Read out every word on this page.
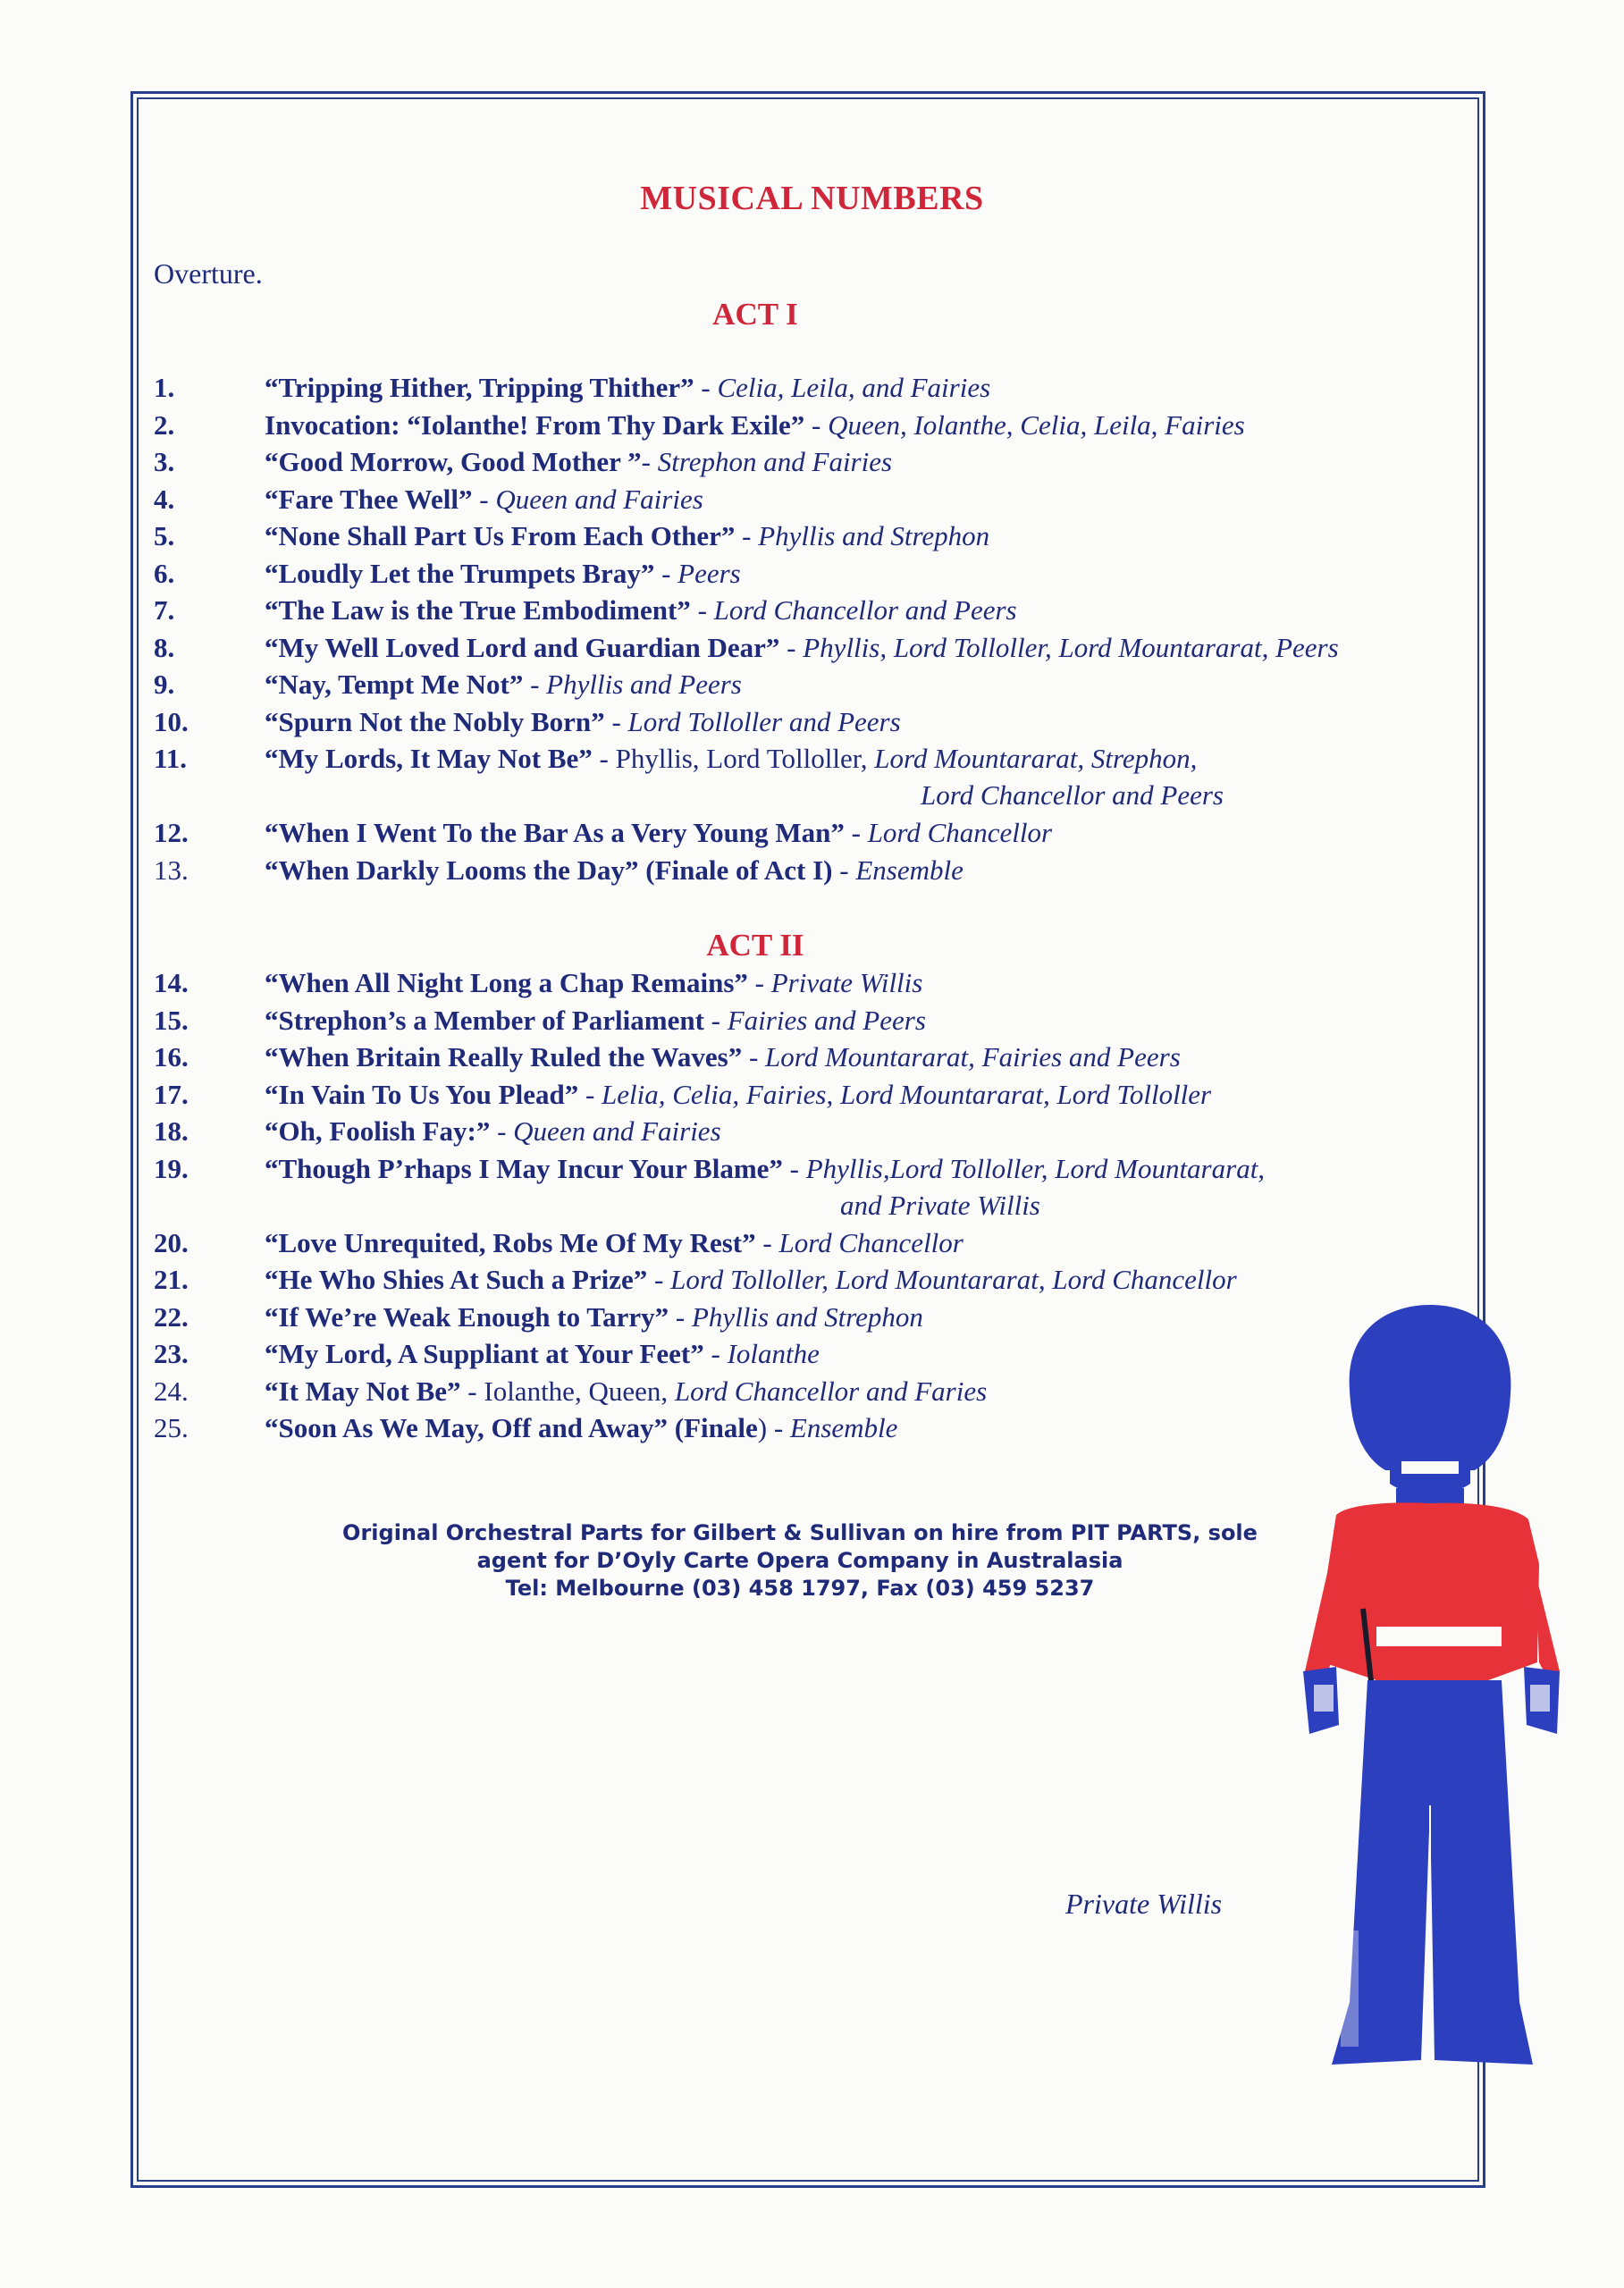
MUSICAL NUMBERS
Overture.
ACT I
1.	“Tripping Hither, Tripping Thither” - Celia, Leila, and Fairies
2.	Invocation: “Iolanthe! From Thy Dark Exile” - Queen, Iolanthe, Celia, Leila, Fairies
3.	“Good Morrow, Good Mother ”- Strephon and Fairies
4.	“Fare Thee Well” - Queen and Fairies
5.	“None Shall Part Us From Each Other” - Phyllis and Strephon
6.	“Loudly Let the Trumpets Bray” - Peers
7.	“The Law is the True Embodiment” - Lord Chancellor and Peers
8.	“My Well Loved Lord and Guardian Dear” - Phyllis, Lord Tolloller, Lord Mountararat, Peers
9.	“Nay, Tempt Me Not” - Phyllis and Peers
10.	“Spurn Not the Nobly Born” - Lord Tolloller and Peers
11.	“My Lords, It May Not Be” - Phyllis, Lord Tolloller, Lord Mountararat, Strephon,
Lord Chancellor and Peers
12.	“When I Went To the Bar As a Very Young Man” - Lord Chancellor
13.	“When Darkly Looms the Day” (Finale of Act I) - Ensemble
ACT II
14.	“When All Night Long a Chap Remains” - Private Willis
15.	“Strephon’s a Member of Parliament - Fairies and Peers
16.	“When Britain Really Ruled the Waves” - Lord Mountararat, Fairies and Peers
17.	“In Vain To Us You Plead” - Lelia, Celia, Fairies, Lord Mountararat, Lord Tolloller
18.	“Oh, Foolish Fay:” - Queen and Fairies
19.	“Though P’rhaps I May Incur Your Blame” - Phyllis,Lord Tolloller, Lord Mountararat,
and Private Willis
20.	“Love Unrequited, Robs Me Of My Rest” - Lord Chancellor
21.	“He Who Shies At Such a Prize” - Lord Tolloller, Lord Mountararat, Lord Chancellor
22.	“If We’re Weak Enough to Tarry” - Phyllis and Strephon
23.	“My Lord, A Suppliant at Your Feet” - Iolanthe
24.	“It May Not Be” - Iolanthe, Queen, Lord Chancellor and Faries
25.	“Soon As We May, Off and Away” (Finale) - Ensemble
Original Orchestral Parts for Gilbert & Sullivan on hire from PIT PARTS, sole
agent for D’Oyly Carte Opera Company in Australasia
Tel: Melbourne (03) 458 1797, Fax (03) 459 5237
Private Willis
